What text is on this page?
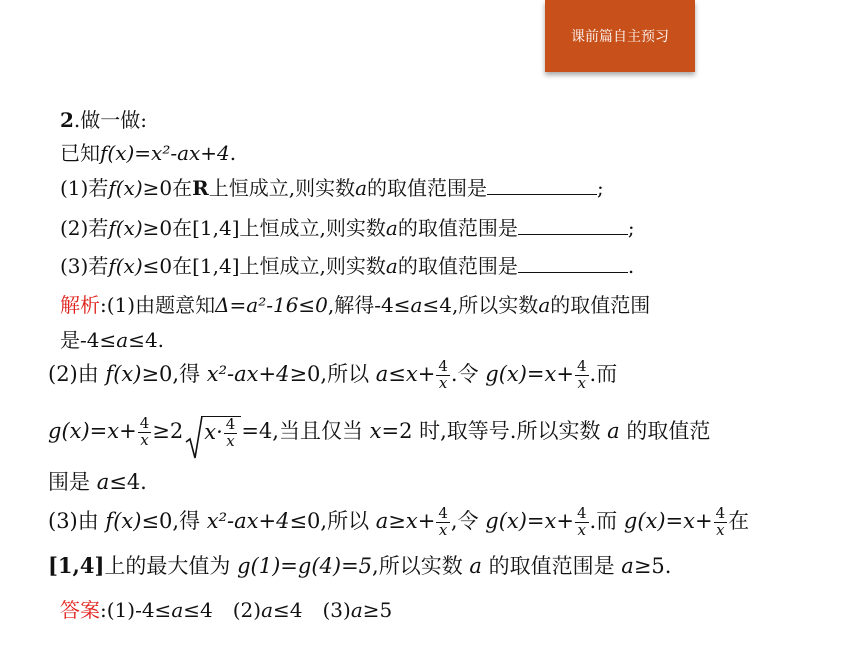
课前篇自主预习
2.做一做:
已知f(x)=x²-ax+4.
(1)若f(x)≥0在R上恒成立,则实数a的取值范围是	;
(2)若f(x)≥0在[1,4]上恒成立,则实数a的取值范围是	;
(3)若f(x)≤0在[1,4]上恒成立,则实数a的取值范围是	.
解析:(1)由题意知Δ=a²-16≤0,解得-4≤a≤4,所以实数a的取值范围
是-4≤a≤4.
(2)由 f(x)≥0,得 x²-ax+4≥0,所以 $a\le x+ \frac{4}{x}$ .令 $g(x)=x+ \frac{4}{x}$ .而
$g(x)=x+ \frac{4}{x} \ge 2$ $x\cdot \frac{4}{x} =4$,当且仅当 x=2 时,取等号.所以实数 a 的取值范
围是 a≤4.
(3)由 f(x)≤0,得 x²-ax+4≤0,所以 $a\ge x+ \frac{4}{x}$ ,令 $g(x)=x+ \frac{4}{x}$ .而 $g(x)=x+ \frac{4}{x}$ 在
[1,4]上的最大值为 g(1)=g(4)=5,所以实数 a 的取值范围是 a≥5.
答案:(1)-4≤a≤4　(2)a≤4　(3)a≥5
